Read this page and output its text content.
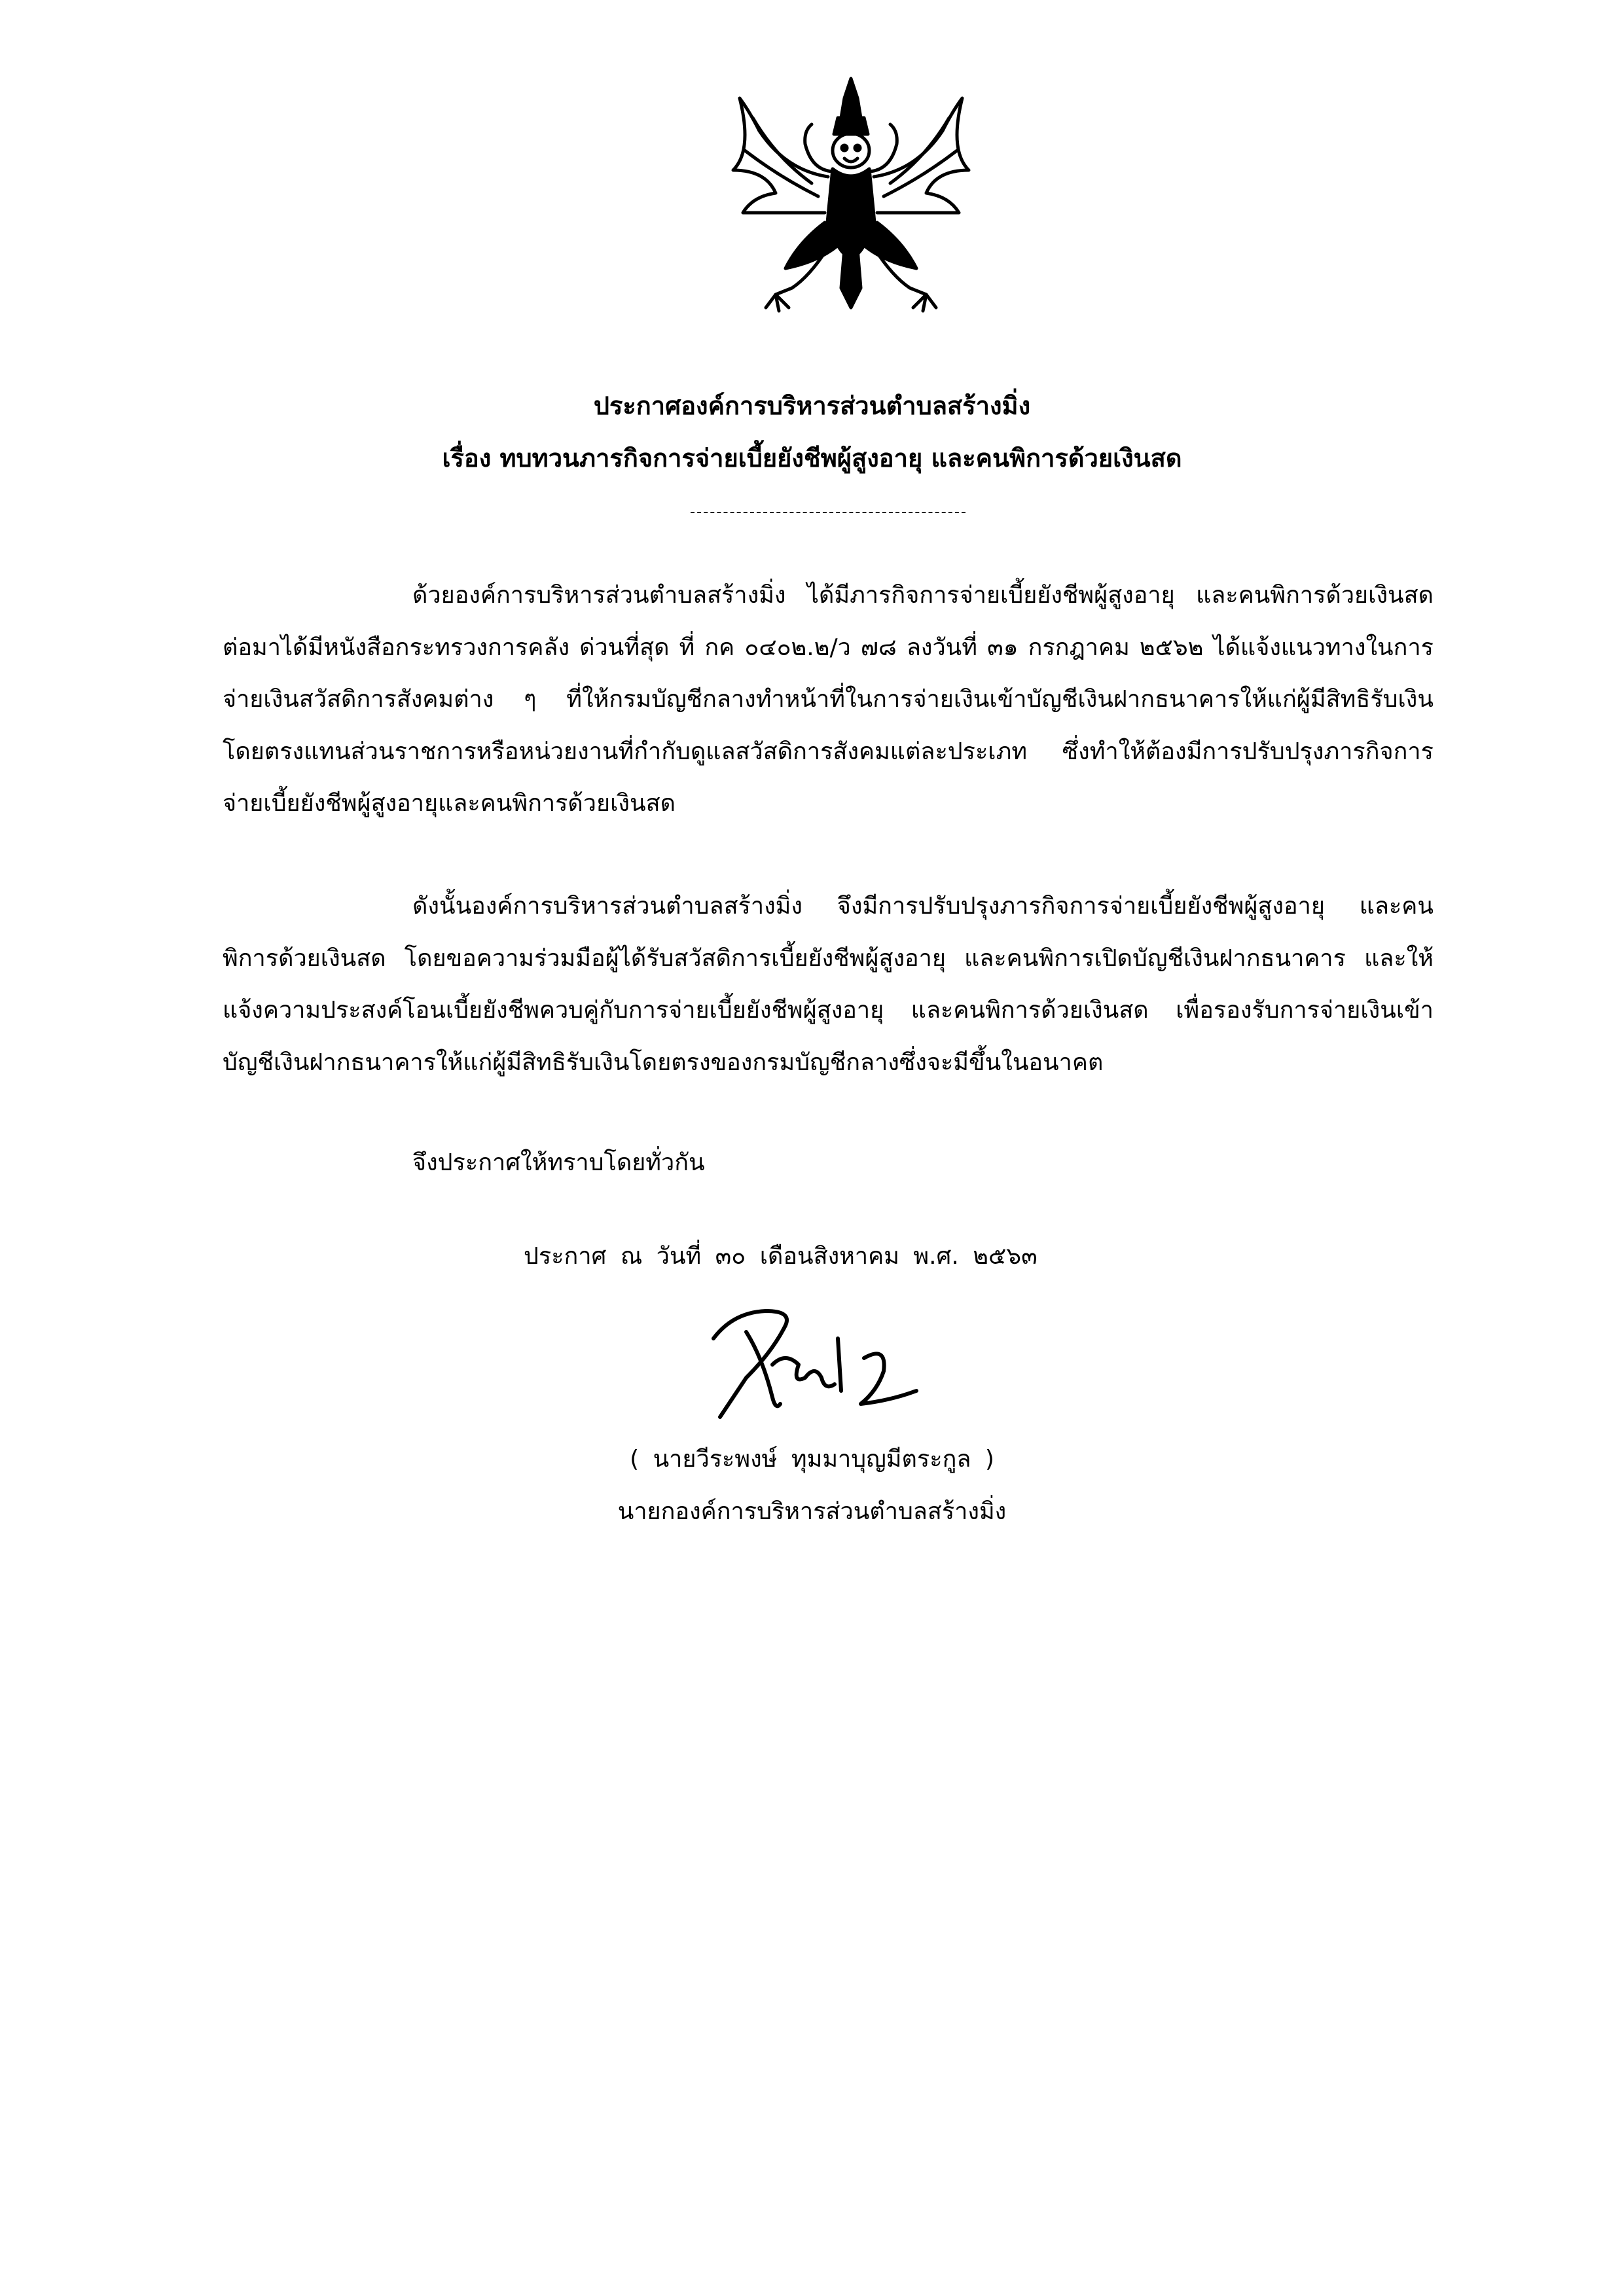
ประกาศองค์การบริหารส่วนตำบลสร้างมิ่ง
เรื่อง ทบทวนภารกิจการจ่ายเบี้ยยังชีพผู้สูงอายุ และคนพิการด้วยเงินสด

ด้วยองค์การบริหารส่วนตำบลสร้างมิ่ง ได้มีภารกิจการจ่ายเบี้ยยังชีพผู้สูงอายุ และคนพิการด้วยเงินสด ต่อมาได้มีหนังสือกระทรวงการคลัง ด่วนที่สุด ที่ กค ๐๔๐๒.๒/ว ๗๘ ลงวันที่ ๓๑ กรกฎาคม ๒๕๖๒ ได้แจ้งแนวทางในการจ่ายเงินสวัสดิการสังคมต่าง ๆ ที่ให้กรมบัญชีกลางทำหน้าที่ในการจ่ายเงินเข้าบัญชีเงินฝากธนาคารให้แก่ผู้มีสิทธิรับเงินโดยตรงแทนส่วนราชการหรือหน่วยงานที่กำกับดูแลสวัสดิการสังคมแต่ละประเภท ซึ่งทำให้ต้องมีการปรับปรุงภารกิจการจ่ายเบี้ยยังชีพผู้สูงอายุและคนพิการด้วยเงินสด

ดังนั้นองค์การบริหารส่วนตำบลสร้างมิ่ง จึงมีการปรับปรุงภารกิจการจ่ายเบี้ยยังชีพผู้สูงอายุ และคนพิการด้วยเงินสด โดยขอความร่วมมือผู้ได้รับสวัสดิการเบี้ยยังชีพผู้สูงอายุ และคนพิการเปิดบัญชีเงินฝากธนาคาร และให้แจ้งความประสงค์โอนเบี้ยยังชีพควบคู่กับการจ่ายเบี้ยยังชีพผู้สูงอายุ และคนพิการด้วยเงินสด เพื่อรองรับการจ่ายเงินเข้าบัญชีเงินฝากธนาคารให้แก่ผู้มีสิทธิรับเงินโดยตรงของกรมบัญชีกลางซึ่งจะมีขึ้นในอนาคต

จึงประกาศให้ทราบโดยทั่วกัน
ประกาศ ณ วันที่ ๓๐ เดือนสิงหาคม พ.ศ. ๒๕๖๓
( นายวีระพงษ์ ทุมมาบุญมีตระกูล )
นายกองค์การบริหารส่วนตำบลสร้างมิ่ง
